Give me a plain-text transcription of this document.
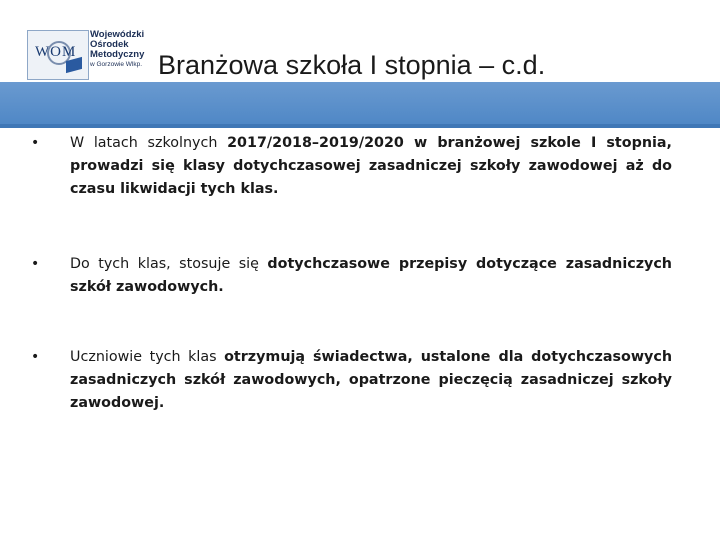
WOM
Wojewódzki
Ośrodek
Metodyczny
w Gorzowie Wlkp. Branżowa szkoła I stopnia – c.d.
• W latach szkolnych 2017/2018–2019/2020 w branżowej szkole I stopnia, prowadzi się klasy dotychczasowej zasadniczej szkoły zawodowej aż do czasu likwidacji tych klas.
• Do tych klas, stosuje się dotychczasowe przepisy dotyczące zasadniczych szkół zawodowych.
• Uczniowie tych klas otrzymują świadectwa, ustalone dla dotychczasowych zasadniczych szkół zawodowych, opatrzone pieczęcią zasadniczej szkoły zawodowej.
